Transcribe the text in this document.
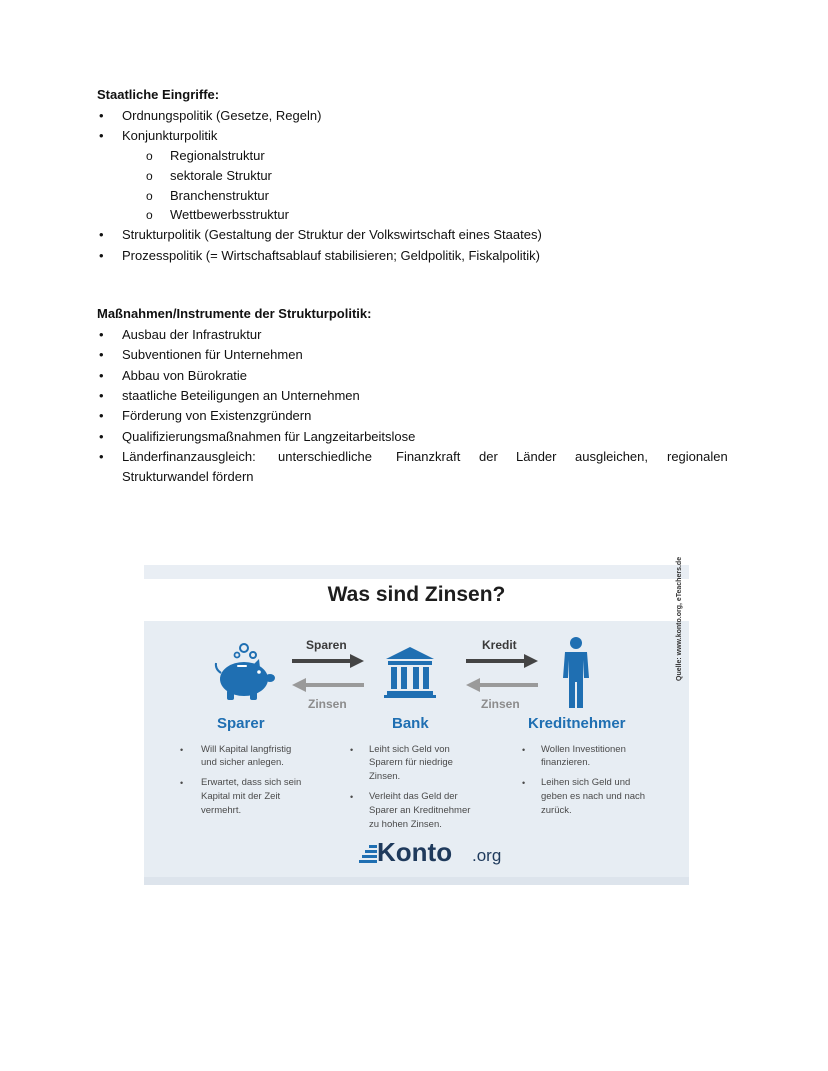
Staatliche Eingriffe:
• Ordnungspolitik (Gesetze, Regeln)
• Konjunkturpolitik
o Regionalstruktur
o sektorale Struktur
o Branchenstruktur
o Wettbewerbsstruktur
• Strukturpolitik (Gestaltung der Struktur der Volkswirtschaft eines Staates)
• Prozesspolitik (= Wirtschaftsablauf stabilisieren; Geldpolitik, Fiskalpolitik)
Maßnahmen/Instrumente der Strukturpolitik:
• Ausbau der Infrastruktur
• Subventionen für Unternehmen
• Abbau von Bürokratie
• staatliche Beteiligungen an Unternehmen
• Förderung von Existenzgründern
• Qualifizierungsmaßnahmen für Langzeitarbeitslose
• Länderfinanzausgleich: unterschiedliche Finanzkraft der Länder ausgleichen, regionalen
Strukturwandel fördern
Was sind Zinsen?
Sparen
Zinsen
Kredit
Zinsen
Sparer	Bank	Kreditnehmer
• Will Kapital langfristig
und sicher anlegen.
• Erwartet, dass sich sein
Kapital mit der Zeit
vermehrt.
• Leiht sich Geld von
Sparern für niedrige
Zinsen.
• Verleiht das Geld der
Sparer an Kreditnehmer
zu hohen Zinsen.
• Wollen Investitionen
finanzieren.
• Leihen sich Geld und
geben es nach und nach
zurück.
Quelle: www.konto.org, eTeachers.de
Konto .org
